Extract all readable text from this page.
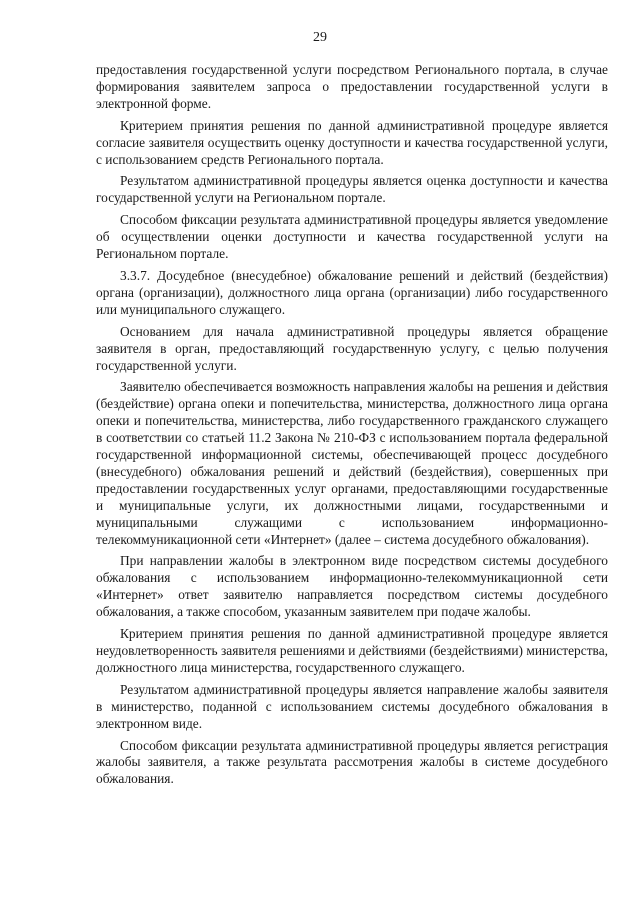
29

предоставления государственной услуги посредством Регионального портала, в случае формирования заявителем запроса о предоставлении государственной услуги в электронной форме.

Критерием принятия решения по данной административной процедуре является согласие заявителя осуществить оценку доступности и качества государственной услуги, с использованием средств Регионального портала.

Результатом административной процедуры является оценка доступности и качества государственной услуги на Региональном портале.

Способом фиксации результата административной процедуры является уведомление об осуществлении оценки доступности и качества государственной услуги на Региональном портале.

3.3.7. Досудебное (внесудебное) обжалование решений и действий (бездействия) органа (организации), должностного лица органа (организации) либо государственного или муниципального служащего.

Основанием для начала административной процедуры является обращение заявителя в орган, предоставляющий государственную услугу, с целью получения государственной услуги.

Заявителю обеспечивается возможность направления жалобы на решения и действия (бездействие) органа опеки и попечительства, министерства, должностного лица органа опеки и попечительства, министерства, либо государственного гражданского служащего в соответствии со статьей 11.2 Закона № 210-ФЗ с использованием портала федеральной государственной информационной системы, обеспечивающей процесс досудебного (внесудебного) обжалования решений и действий (бездействия), совершенных при предоставлении государственных услуг органами, предоставляющими государственные и муниципальные услуги, их должностными лицами, государственными и муниципальными служащими с использованием информационно-телекоммуникационной сети «Интернет» (далее – система досудебного обжалования).

При направлении жалобы в электронном виде посредством системы досудебного обжалования с использованием информационно-телекоммуникационной сети «Интернет» ответ заявителю направляется посредством системы досудебного обжалования, а также способом, указанным заявителем при подаче жалобы.

Критерием принятия решения по данной административной процедуре является неудовлетворенность заявителя решениями и действиями (бездействиями) министерства, должностного лица министерства, государственного служащего.

Результатом административной процедуры является направление жалобы заявителя в министерство, поданной с использованием системы досудебного обжалования в электронном виде.

Способом фиксации результата административной процедуры является регистрация жалобы заявителя, а также результата рассмотрения жалобы в системе досудебного обжалования.
